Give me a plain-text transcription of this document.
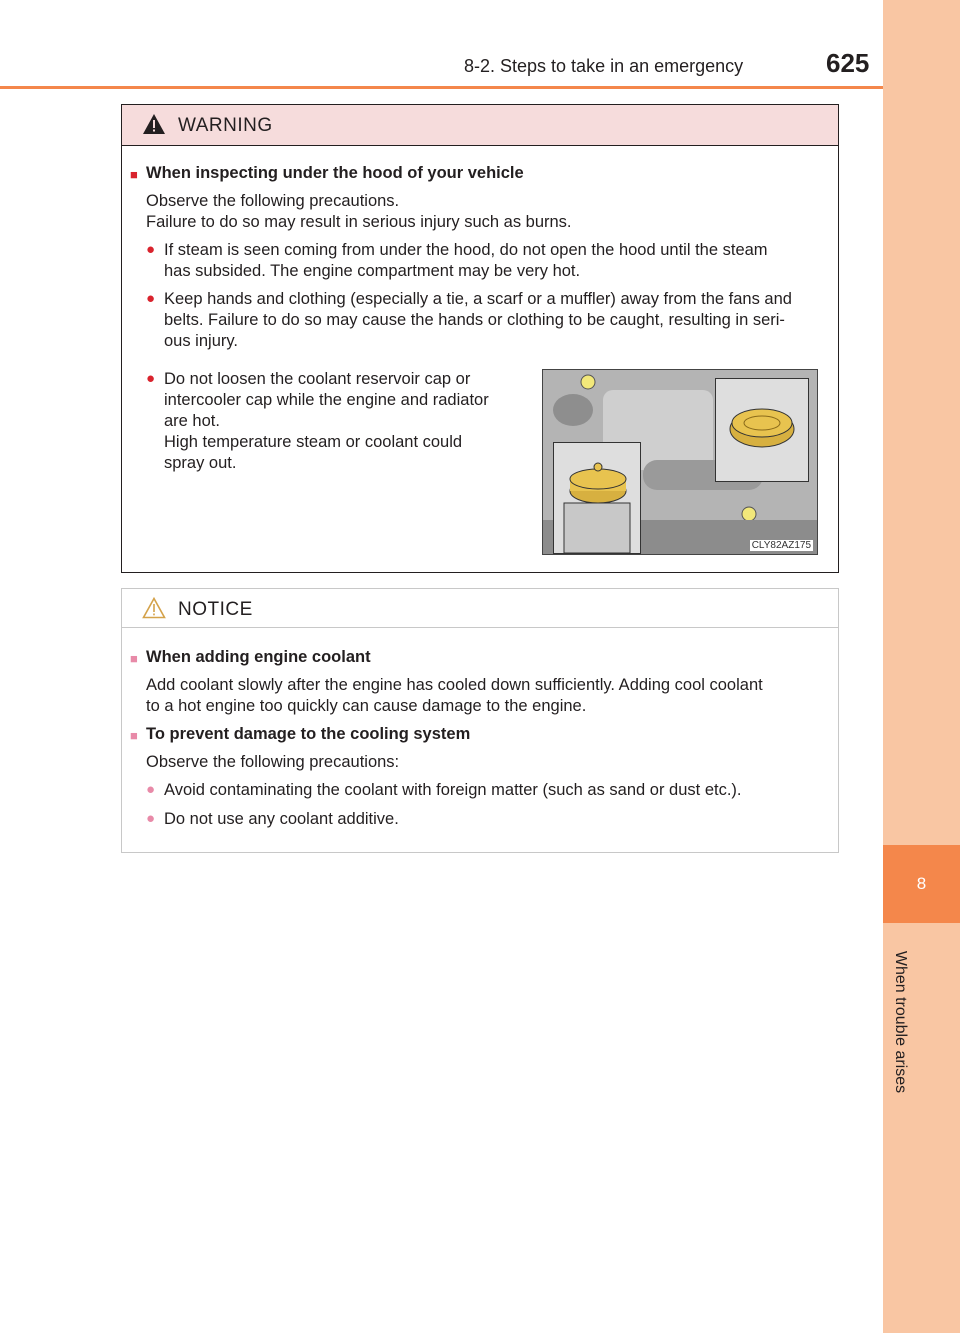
8
When trouble arises
8-2. Steps to take in an emergency	625
WARNING
■ When inspecting under the hood of your vehicle
Observe the following precautions.
Failure to do so may result in serious injury such as burns.
● If steam is seen coming from under the hood, do not open the hood until the steam
has subsided. The engine compartment may be very hot.
● Keep hands and clothing (especially a tie, a scarf or a muffler) away from the fans and
belts. Failure to do so may cause the hands or clothing to be caught, resulting in seri-
ous injury.
● Do not loosen the coolant reservoir cap or
intercooler cap while the engine and radiator
are hot.
High temperature steam or coolant could
spray out.
CLY82AZ175
NOTICE
■ When adding engine coolant
Add coolant slowly after the engine has cooled down sufficiently. Adding cool coolant
to a hot engine too quickly can cause damage to the engine.
■ To prevent damage to the cooling system
Observe the following precautions:
● Avoid contaminating the coolant with foreign matter (such as sand or dust etc.).
● Do not use any coolant additive.
